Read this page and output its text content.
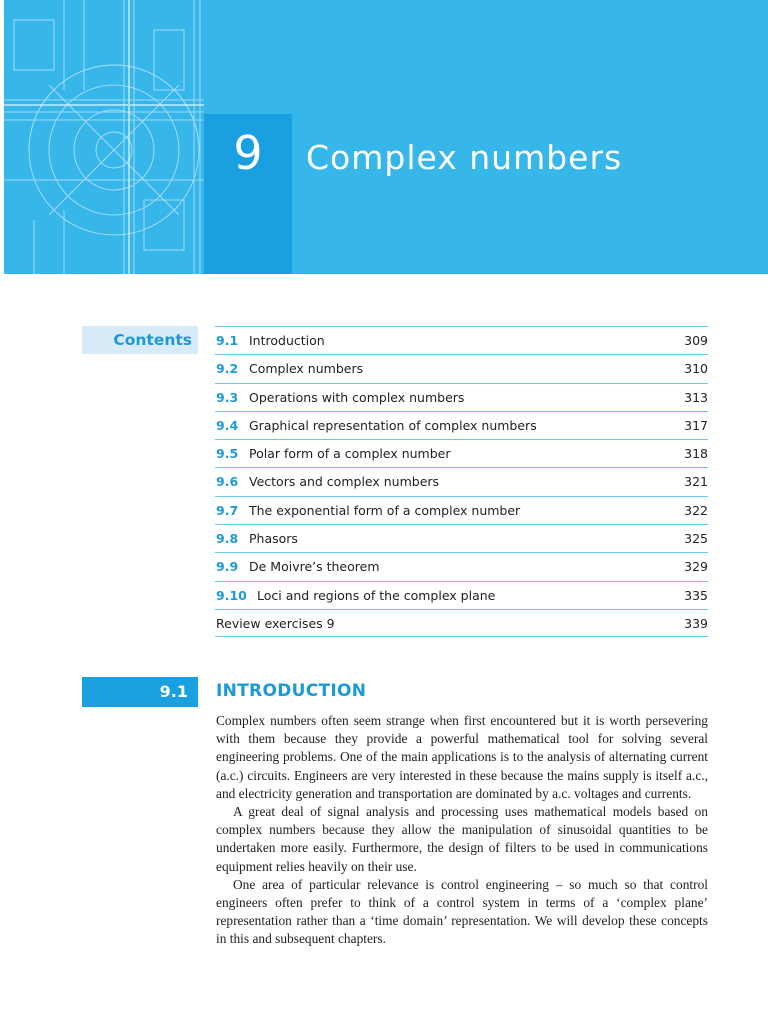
9	Complex numbers
Contents	9.1 Introduction	309
9.2 Complex numbers	310
9.3 Operations with complex numbers	313
9.4 Graphical representation of complex numbers	317
9.5 Polar form of a complex number	318
9.6 Vectors and complex numbers	321
9.7 The exponential form of a complex number	322
9.8 Phasors	325
9.9 De Moivre’s theorem	329
9.10 Loci and regions of the complex plane	335
Review exercises 9	339
9.1	INTRODUCTION

Complex numbers often seem strange when first encountered but it is worth persevering with them because they provide a powerful mathematical tool for solving several engineering problems. One of the main applications is to the analysis of alternating current (a.c.) circuits. Engineers are very interested in these because the mains supply is itself a.c., and electricity generation and transportation are dominated by a.c. voltages and currents.

A great deal of signal analysis and processing uses mathematical models based on complex numbers because they allow the manipulation of sinusoidal quantities to be undertaken more easily. Furthermore, the design of filters to be used in communications equipment relies heavily on their use.

One area of particular relevance is control engineering – so much so that control engineers often prefer to think of a control system in terms of a ‘complex plane’ representation rather than a ‘time domain’ representation. We will develop these concepts in this and subsequent chapters.
